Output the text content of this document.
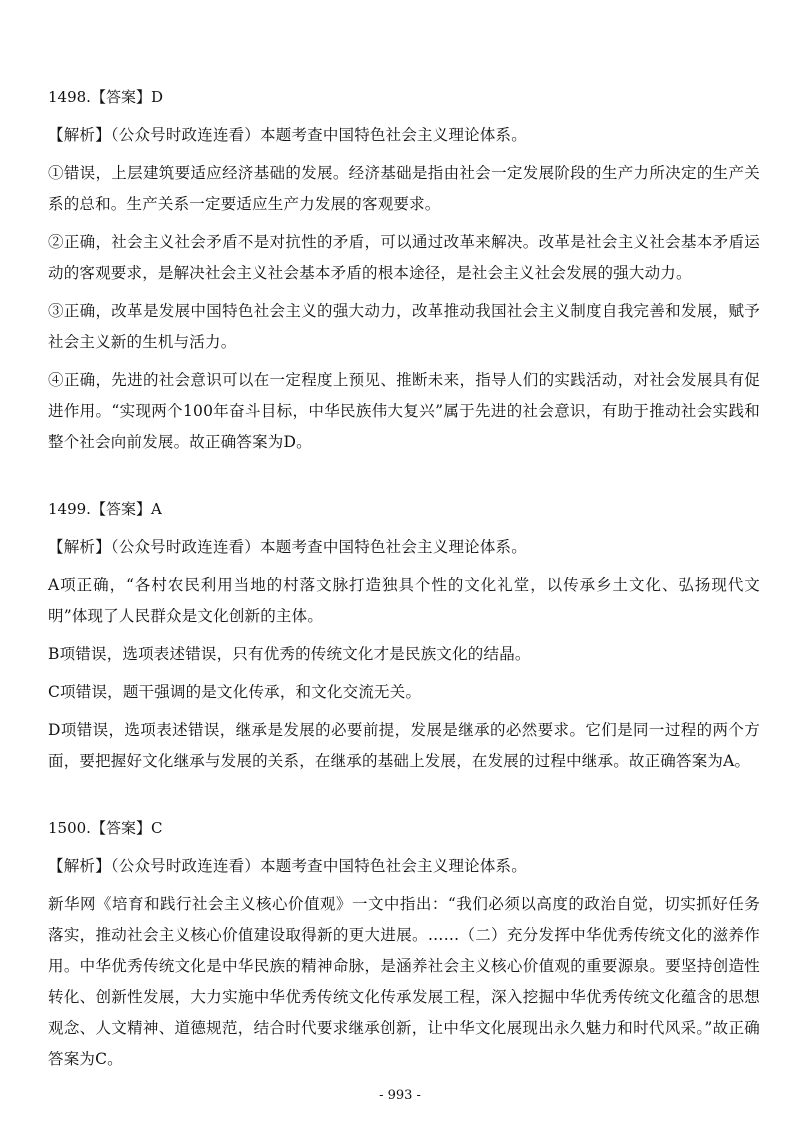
1498.【答案】D

【解析】（公众号时政连连看）本题考查中国特色社会主义理论体系。

①错误，上层建筑要适应经济基础的发展。经济基础是指由社会一定发展阶段的生产力所决定的生产关系的总和。生产关系一定要适应生产力发展的客观要求。

②正确，社会主义社会矛盾不是对抗性的矛盾，可以通过改革来解决。改革是社会主义社会基本矛盾运动的客观要求，是解决社会主义社会基本矛盾的根本途径，是社会主义社会发展的强大动力。

③正确，改革是发展中国特色社会主义的强大动力，改革推动我国社会主义制度自我完善和发展，赋予社会主义新的生机与活力。

④正确，先进的社会意识可以在一定程度上预见、推断未来，指导人们的实践活动，对社会发展具有促进作用。“实现两个100年奋斗目标，中华民族伟大复兴”属于先进的社会意识，有助于推动社会实践和整个社会向前发展。故正确答案为D。

1499.【答案】A

【解析】（公众号时政连连看）本题考查中国特色社会主义理论体系。

A项正确，“各村农民利用当地的村落文脉打造独具个性的文化礼堂，以传承乡土文化、弘扬现代文明”体现了人民群众是文化创新的主体。

B项错误，选项表述错误，只有优秀的传统文化才是民族文化的结晶。

C项错误，题干强调的是文化传承，和文化交流无关。

D项错误，选项表述错误，继承是发展的必要前提，发展是继承的必然要求。它们是同一过程的两个方面，要把握好文化继承与发展的关系，在继承的基础上发展，在发展的过程中继承。故正确答案为A。

1500.【答案】C

【解析】（公众号时政连连看）本题考查中国特色社会主义理论体系。

新华网《培育和践行社会主义核心价值观》一文中指出：“我们必须以高度的政治自觉，切实抓好任务落实，推动社会主义核心价值建设取得新的更大进展。……（二）充分发挥中华优秀传统文化的滋养作用。中华优秀传统文化是中华民族的精神命脉，是涵养社会主义核心价值观的重要源泉。要坚持创造性转化、创新性发展，大力实施中华优秀传统文化传承发展工程，深入挖掘中华优秀传统文化蕴含的思想观念、人文精神、道德规范，结合时代要求继承创新，让中华文化展现出永久魅力和时代风采。”故正确答案为C。

- 993 -
